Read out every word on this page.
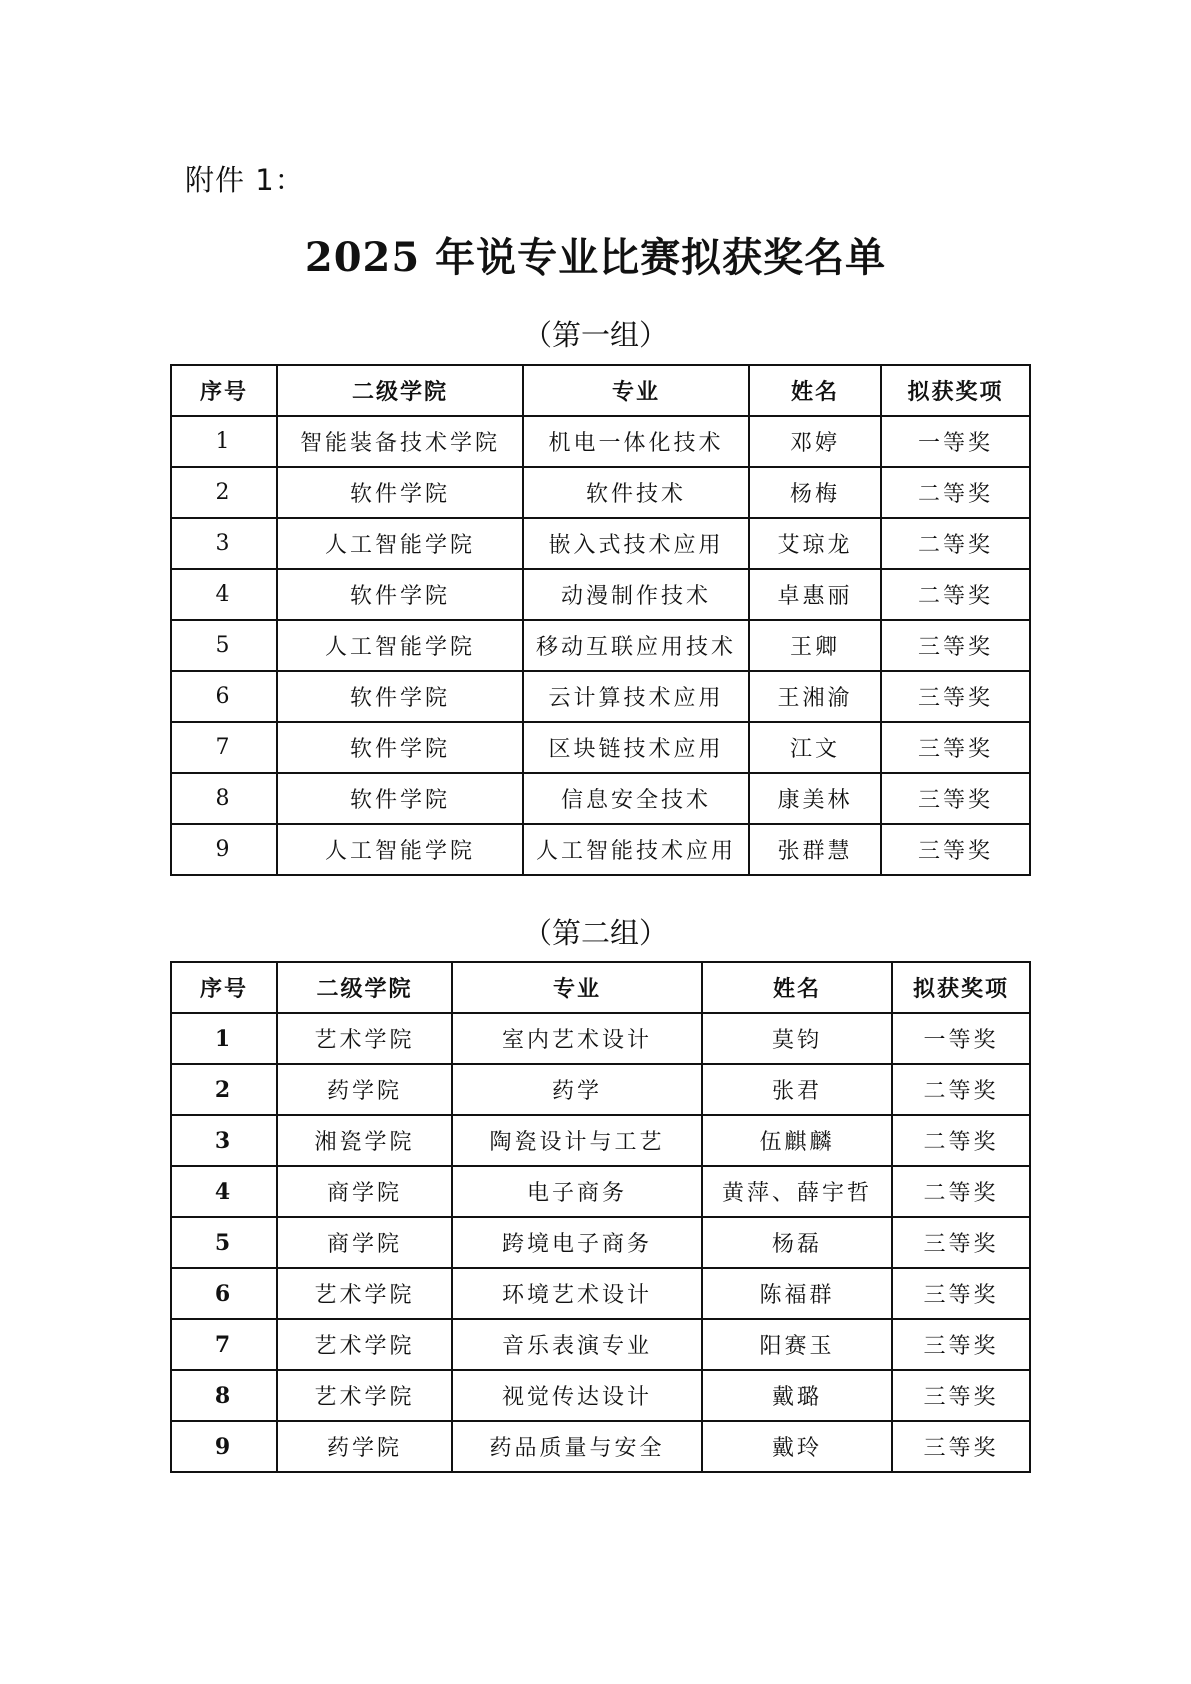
附件 1：
2025 年说专业比赛拟获奖名单
（第一组）
序号	二级学院	专业	姓名	拟获奖项
1	智能装备技术学院	机电一体化技术	邓婷	一等奖
2	软件学院	软件技术	杨梅	二等奖
3	人工智能学院	嵌入式技术应用	艾琼龙	二等奖
4	软件学院	动漫制作技术	卓惠丽	二等奖
5	人工智能学院	移动互联应用技术	王卿	三等奖
6	软件学院	云计算技术应用	王湘渝	三等奖
7	软件学院	区块链技术应用	江文	三等奖
8	软件学院	信息安全技术	康美林	三等奖
9	人工智能学院	人工智能技术应用	张群慧	三等奖
（第二组）
序号	二级学院	专业	姓名	拟获奖项
1	艺术学院	室内艺术设计	莫钧	一等奖
2	药学院	药学	张君	二等奖
3	湘瓷学院	陶瓷设计与工艺	伍麒麟	二等奖
4	商学院	电子商务	黄萍、薛宇哲	二等奖
5	商学院	跨境电子商务	杨磊	三等奖
6	艺术学院	环境艺术设计	陈福群	三等奖
7	艺术学院	音乐表演专业	阳赛玉	三等奖
8	艺术学院	视觉传达设计	戴璐	三等奖
9	药学院	药品质量与安全	戴玲	三等奖
